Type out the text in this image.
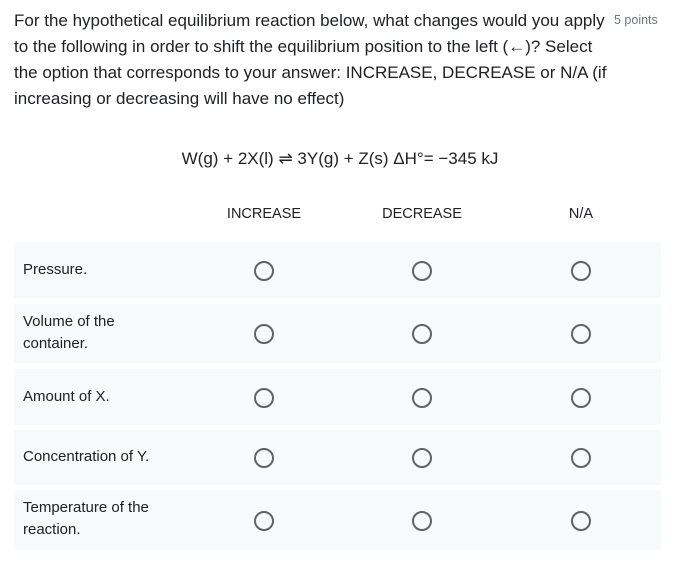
For the hypothetical equilibrium reaction below, what changes would you apply to the following in order to shift the equilibrium position to the left (←)? Select the option that corresponds to your answer: INCREASE, DECREASE or N/A (if increasing or decreasing will have no effect)
5 points
W(g) + 2X(l) ⇌ 3Y(g) + Z(s) ΔH°= −345 kJ
INCREASE	DECREASE	N/A
Pressure.
Volume of the container.
Amount of X.
Concentration of Y.
Temperature of the reaction.
